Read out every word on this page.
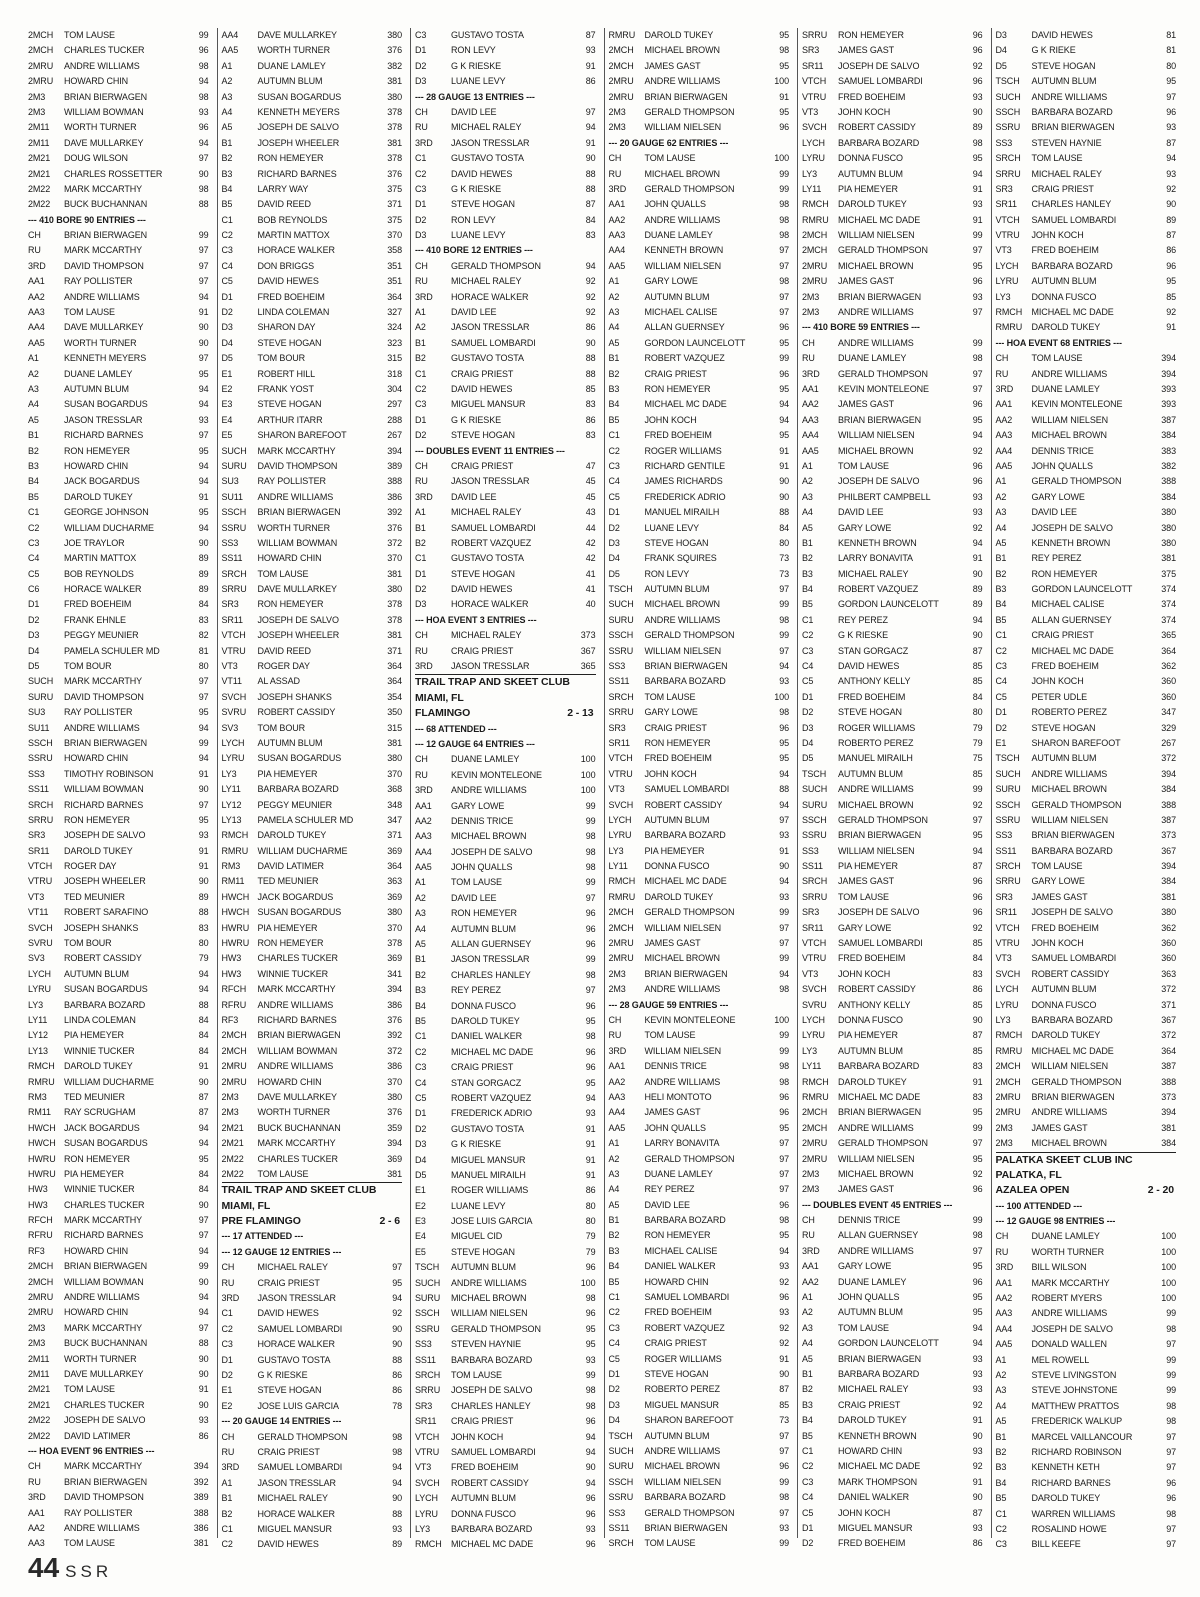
2MCH	TOM LAUSE	99
2MCH	CHARLES TUCKER	96
2MRU	ANDRE WILLIAMS	98
2MRU	HOWARD CHIN	94
2M3	BRIAN BIERWAGEN	98
2M3	WILLIAM BOWMAN	93
2M11	WORTH TURNER	96
2M11	DAVE MULLARKEY	94
2M21	DOUG WILSON	97
2M21	CHARLES ROSSETTER	90
2M22	MARK MCCARTHY	98
2M22	BUCK BUCHANNAN	88
--- 410 BORE 90 ENTRIES ---
CH	BRIAN BIERWAGEN	99
RU	MARK MCCARTHY	97
3RD	DAVID THOMPSON	97
AA1	RAY POLLISTER	97
AA2	ANDRE WILLIAMS	94
AA3	TOM LAUSE	91
AA4	DAVE MULLARKEY	90
AA5	WORTH TURNER	90
A1	KENNETH MEYERS	97
A2	DUANE LAMLEY	95
A3	AUTUMN BLUM	94
A4	SUSAN BOGARDUS	94
A5	JASON TRESSLAR	93
B1	RICHARD BARNES	97
B2	RON HEMEYER	95
B3	HOWARD CHIN	94
B4	JACK BOGARDUS	94
B5	DAROLD TUKEY	91
C1	GEORGE JOHNSON	95
C2	WILLIAM DUCHARME	94
C3	JOE TRAYLOR	90
C4	MARTIN MATTOX	89
C5	BOB REYNOLDS	89
C6	HORACE WALKER	89
D1	FRED BOEHEIM	84
D2	FRANK EHNLE	83
D3	PEGGY MEUNIER	82
D4	PAMELA SCHULER MD	81
D5	TOM BOUR	80
SUCH	MARK MCCARTHY	97
SURU	DAVID THOMPSON	97
SU3	RAY POLLISTER	95
SU11	ANDRE WILLIAMS	94
SSCH	BRIAN BIERWAGEN	99
SSRU	HOWARD CHIN	94
SS3	TIMOTHY ROBINSON	91
SS11	WILLIAM BOWMAN	90
SRCH	RICHARD BARNES	97
SRRU	RON HEMEYER	95
SR3	JOSEPH DE SALVO	93
SR11	DAROLD TUKEY	91
VTCH	ROGER DAY	91
VTRU	JOSEPH WHEELER	90
VT3	TED MEUNIER	89
VT11	ROBERT SARAFINO	88
SVCH	JOSEPH SHANKS	83
SVRU	TOM BOUR	80
SV3	ROBERT CASSIDY	79
LYCH	AUTUMN BLUM	94
LYRU	SUSAN BOGARDUS	94
LY3	BARBARA BOZARD	88
LY11	LINDA COLEMAN	84
LY12	PIA HEMEYER	84
LY13	WINNIE TUCKER	84
RMCH	DAROLD TUKEY	91
RMRU	WILLIAM DUCHARME	90
RM3	TED MEUNIER	87
RM11	RAY SCRUGHAM	87
HWCH JACK BOGARDUS	94
HWCH SUSAN BOGARDUS	94
HWRU RON HEMEYER	95
HWRU PIA HEMEYER	84
HW3	WINNIE TUCKER	84
HW3	CHARLES TUCKER	90
RFCH	MARK MCCARTHY	97
RFRU	RICHARD BARNES	97
RF3	HOWARD CHIN	94
2MCH	BRIAN BIERWAGEN	99
2MCH	WILLIAM BOWMAN	90
2MRU	ANDRE WILLIAMS	94
2MRU	HOWARD CHIN	94
2M3	MARK MCCARTHY	97
2M3	BUCK BUCHANNAN	88
2M11	WORTH TURNER	90
2M11	DAVE MULLARKEY	90
2M21	TOM LAUSE	91
2M21	CHARLES TUCKER	90
2M22	JOSEPH DE SALVO	93
2M22	DAVID LATIMER	86
--- HOA EVENT 96 ENTRIES ---
CH	MARK MCCARTHY	394
RU	BRIAN BIERWAGEN	392
3RD	DAVID THOMPSON	389
AA1	RAY POLLISTER	388
AA2	ANDRE WILLIAMS	386
AA3	TOM LAUSE	381
AA4	DAVE MULLARKEY	380
AA5	WORTH TURNER	376
A1	DUANE LAMLEY	382
A2	AUTUMN BLUM	381
A3	SUSAN BOGARDUS	380
A4	KENNETH MEYERS	378
A5	JOSEPH DE SALVO	378
B1	JOSEPH WHEELER	381
B2	RON HEMEYER	378
B3	RICHARD BARNES	376
B4	LARRY WAY	375
B5	DAVID REED	371
C1	BOB REYNOLDS	375
C2	MARTIN MATTOX	370
C3	HORACE WALKER	358
C4	DON BRIGGS	351
C5	DAVID HEWES	351
D1	FRED BOEHEIM	364
D2	LINDA COLEMAN	327
D3	SHARON DAY	324
D4	STEVE HOGAN	323
D5	TOM BOUR	315
E1	ROBERT HILL	318
E2	FRANK YOST	304
E3	STEVE HOGAN	297
E4	ARTHUR ITARR	288
E5	SHARON BAREFOOT	267
SUCH	MARK MCCARTHY	394
SURU	DAVID THOMPSON	389
SU3	RAY POLLISTER	388
SU11	ANDRE WILLIAMS	386
SSCH	BRIAN BIERWAGEN	392
SSRU	WORTH TURNER	376
SS3	WILLIAM BOWMAN	372
SS11	HOWARD CHIN	370
SRCH	TOM LAUSE	381
SRRU	DAVE MULLARKEY	380
SR3	RON HEMEYER	378
SR11	JOSEPH DE SALVO	378
VTCH	JOSEPH WHEELER	381
VTRU	DAVID REED	371
VT3	ROGER DAY	364
VT11	AL ASSAD	364
SVCH	JOSEPH SHANKS	354
SVRU	ROBERT CASSIDY	350
SV3	TOM BOUR	315
LYCH	AUTUMN BLUM	381
LYRU	SUSAN BOGARDUS	380
LY3	PIA HEMEYER	370
LY11	BARBARA BOZARD	368
LY12	PEGGY MEUNIER	348
LY13	PAMELA SCHULER MD	347
RMCH	DAROLD TUKEY	371
RMRU	WILLIAM DUCHARME	369
RM3	DAVID LATIMER	364
RM11	TED MEUNIER	363
HWCH JACK BOGARDUS	369
HWCH SUSAN BOGARDUS	380
HWRU PIA HEMEYER	370
HWRU RON HEMEYER	378
HW3	CHARLES TUCKER	369
HW3	WINNIE TUCKER	341
RFCH	MARK MCCARTHY	394
RFRU	ANDRE WILLIAMS	386
RF3	RICHARD BARNES	376
2MCH	BRIAN BIERWAGEN	392
2MCH	WILLIAM BOWMAN	372
2MRU	ANDRE WILLIAMS	386
2MRU	HOWARD CHIN	370
2M3	DAVE MULLARKEY	380
2M3	WORTH TURNER	376
2M21	BUCK BUCHANNAN	359
2M21	MARK MCCARTHY	394
2M22	CHARLES TUCKER	369
2M22	TOM LAUSE	381
TRAIL TRAP AND SKEET CLUB
MIAMI, FL
PRE FLAMINGO	2 - 6
--- 17 ATTENDED ---
--- 12 GAUGE 12 ENTRIES ---
CH	MICHAEL RALEY	97
RU	CRAIG PRIEST	95
3RD	JASON TRESSLAR	94
C1	DAVID HEWES	92
C2	SAMUEL LOMBARDI	90
C3	HORACE WALKER	90
D1	GUSTAVO TOSTA	88
D2	G K RIESKE	86
E1	STEVE HOGAN	86
E2	JOSE LUIS GARCIA	78
--- 20 GAUGE 14 ENTRIES ---
CH	GERALD THOMPSON	98
RU	CRAIG PRIEST	98
3RD	SAMUEL LOMBARDI	94
A1	JASON TRESSLAR	94
B1	MICHAEL RALEY	90
B2	HORACE WALKER	88
C1	MIGUEL MANSUR	93
C2	DAVID HEWES	89
C3	GUSTAVO TOSTA	87
D1	RON LEVY	93
D2	G K RIESKE	91
D3	LUANE LEVY	86
--- 28 GAUGE 13 ENTRIES ---
CH	DAVID LEE	97
RU	MICHAEL RALEY	94
3RD	JASON TRESSLAR	91
C1	GUSTAVO TOSTA	90
C2	DAVID HEWES	88
C3	G K RIESKE	88
D1	STEVE HOGAN	87
D2	RON LEVY	84
D3	LUANE LEVY	83
--- 410 BORE 12 ENTRIES ---
CH	GERALD THOMPSON	94
RU	MICHAEL RALEY	92
3RD	HORACE WALKER	92
A1	DAVID LEE	92
A2	JASON TRESSLAR	86
B1	SAMUEL LOMBARDI	90
B2	GUSTAVO TOSTA	88
C1	CRAIG PRIEST	88
C2	DAVID HEWES	85
C3	MIGUEL MANSUR	83
D1	G K RIESKE	86
D2	STEVE HOGAN	83
--- DOUBLES EVENT 11 ENTRIES ---
CH	CRAIG PRIEST	47
RU	JASON TRESSLAR	45
3RD	DAVID LEE	45
A1	MICHAEL RALEY	43
B1	SAMUEL LOMBARDI	44
B2	ROBERT VAZQUEZ	42
C1	GUSTAVO TOSTA	42
D1	STEVE HOGAN	41
D2	DAVID HEWES	41
D3	HORACE WALKER	40
--- HOA EVENT 3 ENTRIES ---
CH	MICHAEL RALEY	373
RU	CRAIG PRIEST	367
3RD	JASON TRESSLAR	365
TRAIL TRAP AND SKEET CLUB
MIAMI, FL
FLAMINGO	2 - 13
--- 68 ATTENDED ---
--- 12 GAUGE 64 ENTRIES ---
CH	DUANE LAMLEY	100
RU	KEVIN MONTELEONE	100
3RD	ANDRE WILLIAMS	100
AA1	GARY LOWE	99
AA2	DENNIS TRICE	99
AA3	MICHAEL BROWN	98
AA4	JOSEPH DE SALVO	98
AA5	JOHN QUALLS	98
A1	TOM LAUSE	99
A2	DAVID LEE	97
A3	RON HEMEYER	96
A4	AUTUMN BLUM	96
A5	ALLAN GUERNSEY	96
B1	JASON TRESSLAR	99
B2	CHARLES HANLEY	98
B3	REY PEREZ	97
B4	DONNA FUSCO	96
B5	DAROLD TUKEY	95
C1	DANIEL WALKER	98
C2	MICHAEL MC DADE	96
C3	CRAIG PRIEST	96
C4	STAN GORGACZ	95
C5	ROBERT VAZQUEZ	94
D1	FREDERICK ADRIO	93
D2	GUSTAVO TOSTA	91
D3	G K RIESKE	91
D4	MIGUEL MANSUR	91
D5	MANUEL MIRAILH	91
E1	ROGER WILLIAMS	86
E2	LUANE LEVY	80
E3	JOSE LUIS GARCIA	80
E4	MIGUEL CID	79
E5	STEVE HOGAN	79
TSCH	AUTUMN BLUM	96
SUCH	ANDRE WILLIAMS	100
SURU	MICHAEL BROWN	98
SSCH	WILLIAM NIELSEN	96
SSRU	GERALD THOMPSON	95
SS3	STEVEN HAYNIE	95
SS11	BARBARA BOZARD	93
SRCH	TOM LAUSE	99
SRRU	JOSEPH DE SALVO	98
SR3	CHARLES HANLEY	98
SR11	CRAIG PRIEST	96
VTCH	JOHN KOCH	94
VTRU	SAMUEL LOMBARDI	94
VT3	FRED BOEHEIM	90
SVCH	ROBERT CASSIDY	94
LYCH	AUTUMN BLUM	96
LYRU	DONNA FUSCO	96
LY3	BARBARA BOZARD	93
RMCH	MICHAEL MC DADE	96
RMRU	DAROLD TUKEY	95
2MCH	MICHAEL BROWN	98
2MCH	JAMES GAST	95
2MRU	ANDRE WILLIAMS	100
2MRU	BRIAN BIERWAGEN	91
2M3	GERALD THOMPSON	95
2M3	WILLIAM NIELSEN	96
--- 20 GAUGE 62 ENTRIES ---
CH	TOM LAUSE	100
RU	MICHAEL BROWN	99
3RD	GERALD THOMPSON	99
AA1	JOHN QUALLS	98
AA2	ANDRE WILLIAMS	98
AA3	DUANE LAMLEY	98
AA4	KENNETH BROWN	97
AA5	WILLIAM NIELSEN	97
A1	GARY LOWE	98
A2	AUTUMN BLUM	97
A3	MICHAEL CALISE	97
A4	ALLAN GUERNSEY	96
A5	GORDON LAUNCELOTT	95
B1	ROBERT VAZQUEZ	99
B2	CRAIG PRIEST	96
B3	RON HEMEYER	95
B4	MICHAEL MC DADE	94
B5	JOHN KOCH	94
C1	FRED BOEHEIM	95
C2	ROGER WILLIAMS	91
C3	RICHARD GENTILE	91
C4	JAMES RICHARDS	90
C5	FREDERICK ADRIO	90
D1	MANUEL MIRAILH	88
D2	LUANE LEVY	84
D3	STEVE HOGAN	80
D4	FRANK SQUIRES	73
D5	RON LEVY	73
TSCH	AUTUMN BLUM	97
SUCH	MICHAEL BROWN	99
SURU	ANDRE WILLIAMS	98
SSCH	GERALD THOMPSON	99
SSRU	WILLIAM NIELSEN	97
SS3	BRIAN BIERWAGEN	94
SS11	BARBARA BOZARD	93
SRCH	TOM LAUSE	100
SRRU	GARY LOWE	98
SR3	CRAIG PRIEST	96
SR11	RON HEMEYER	95
VTCH	FRED BOEHEIM	95
VTRU	JOHN KOCH	94
VT3	SAMUEL LOMBARDI	88
SVCH	ROBERT CASSIDY	94
LYCH	AUTUMN BLUM	97
LYRU	BARBARA BOZARD	93
LY3	PIA HEMEYER	91
LY11	DONNA FUSCO	90
RMCH	MICHAEL MC DADE	94
RMRU	DAROLD TUKEY	93
2MCH	GERALD THOMPSON	99
2MCH	WILLIAM NIELSEN	97
2MRU	JAMES GAST	97
2MRU	MICHAEL BROWN	99
2M3	BRIAN BIERWAGEN	94
2M3	ANDRE WILLIAMS	98
--- 28 GAUGE 59 ENTRIES ---
CH	KEVIN MONTELEONE	100
RU	TOM LAUSE	99
3RD	WILLIAM NIELSEN	99
AA1	DENNIS TRICE	98
AA2	ANDRE WILLIAMS	98
AA3	HELI MONTOTO	96
AA4	JAMES GAST	96
AA5	JOHN QUALLS	95
A1	LARRY BONAVITA	97
A2	GERALD THOMPSON	97
A3	DUANE LAMLEY	97
A4	REY PEREZ	97
A5	DAVID LEE	96
B1	BARBARA BOZARD	98
B2	RON HEMEYER	95
B3	MICHAEL CALISE	94
B4	DANIEL WALKER	93
B5	HOWARD CHIN	92
C1	SAMUEL LOMBARDI	96
C2	FRED BOEHEIM	93
C3	ROBERT VAZQUEZ	92
C4	CRAIG PRIEST	92
C5	ROGER WILLIAMS	91
D1	STEVE HOGAN	90
D2	ROBERTO PEREZ	87
D3	MIGUEL MANSUR	85
D4	SHARON BAREFOOT	73
TSCH	AUTUMN BLUM	97
SUCH	ANDRE WILLIAMS	97
SURU	MICHAEL BROWN	96
SSCH	WILLIAM NIELSEN	99
SSRU	BARBARA BOZARD	98
SS3	GERALD THOMPSON	97
SS11	BRIAN BIERWAGEN	93
SRCH	TOM LAUSE	99
SRRU	RON HEMEYER	96
SR3	JAMES GAST	96
SR11	JOSEPH DE SALVO	92
VTCH	SAMUEL LOMBARDI	96
VTRU	FRED BOEHEIM	93
VT3	JOHN KOCH	90
SVCH	ROBERT CASSIDY	89
LYCH	BARBARA BOZARD	98
LYRU	DONNA FUSCO	95
LY3	AUTUMN BLUM	94
LY11	PIA HEMEYER	91
RMCH	DAROLD TUKEY	93
RMRU	MICHAEL MC DADE	91
2MCH	WILLIAM NIELSEN	99
2MCH	GERALD THOMPSON	97
2MRU	MICHAEL BROWN	95
2MRU	JAMES GAST	96
2M3	BRIAN BIERWAGEN	93
2M3	ANDRE WILLIAMS	97
--- 410 BORE 59 ENTRIES ---
CH	ANDRE WILLIAMS	99
RU	DUANE LAMLEY	98
3RD	GERALD THOMPSON	97
AA1	KEVIN MONTELEONE	97
AA2	JAMES GAST	96
AA3	BRIAN BIERWAGEN	95
AA4	WILLIAM NIELSEN	94
AA5	MICHAEL BROWN	92
A1	TOM LAUSE	96
A2	JOSEPH DE SALVO	96
A3	PHILBERT CAMPBELL	93
A4	DAVID LEE	93
A5	GARY LOWE	92
B1	KENNETH BROWN	94
B2	LARRY BONAVITA	91
B3	MICHAEL RALEY	90
B4	ROBERT VAZQUEZ	89
B5	GORDON LAUNCELOTT	89
C1	REY PEREZ	94
C2	G K RIESKE	90
C3	STAN GORGACZ	87
C4	DAVID HEWES	85
C5	ANTHONY KELLY	85
D1	FRED BOEHEIM	84
D2	STEVE HOGAN	80
D3	ROGER WILLIAMS	79
D4	ROBERTO PEREZ	79
D5	MANUEL MIRAILH	75
TSCH	AUTUMN BLUM	85
SUCH	ANDRE WILLIAMS	99
SURU	MICHAEL BROWN	92
SSCH	GERALD THOMPSON	97
SSRU	BRIAN BIERWAGEN	95
SS3	WILLIAM NIELSEN	94
SS11	PIA HEMEYER	87
SRCH	JAMES GAST	96
SRRU	TOM LAUSE	96
SR3	JOSEPH DE SALVO	96
SR11	GARY LOWE	92
VTCH	SAMUEL LOMBARDI	85
VTRU	FRED BOEHEIM	84
VT3	JOHN KOCH	83
SVCH	ROBERT CASSIDY	86
SVRU	ANTHONY KELLY	85
LYCH	DONNA FUSCO	90
LYRU	PIA HEMEYER	87
LY3	AUTUMN BLUM	85
LY11	BARBARA BOZARD	83
RMCH	DAROLD TUKEY	91
RMRU	MICHAEL MC DADE	83
2MCH	BRIAN BIERWAGEN	95
2MCH	ANDRE WILLIAMS	99
2MRU	GERALD THOMPSON	97
2MRU	WILLIAM NIELSEN	95
2M3	MICHAEL BROWN	92
2M3	JAMES GAST	96
--- DOUBLES EVENT 45 ENTRIES ---
CH	DENNIS TRICE	99
RU	ALLAN GUERNSEY	98
3RD	ANDRE WILLIAMS	97
AA1	GARY LOWE	95
AA2	DUANE LAMLEY	96
A1	JOHN QUALLS	95
A2	AUTUMN BLUM	95
A3	TOM LAUSE	94
A4	GORDON LAUNCELOTT	94
A5	BRIAN BIERWAGEN	93
B1	BARBARA BOZARD	93
B2	MICHAEL RALEY	93
B3	CRAIG PRIEST	92
B4	DAROLD TUKEY	91
B5	KENNETH BROWN	90
C1	HOWARD CHIN	93
C2	MICHAEL MC DADE	92
C3	MARK THOMPSON	91
C4	DANIEL WALKER	90
C5	JOHN KOCH	87
D1	MIGUEL MANSUR	93
D2	FRED BOEHEIM	86
D3	DAVID HEWES	81
D4	G K RIEKE	81
D5	STEVE HOGAN	80
TSCH	AUTUMN BLUM	95
SUCH	ANDRE WILLIAMS	97
SSCH	BARBARA BOZARD	96
SSRU	BRIAN BIERWAGEN	93
SS3	STEVEN HAYNIE	87
SRCH	TOM LAUSE	94
SRRU	MICHAEL RALEY	93
SR3	CRAIG PRIEST	92
SR11	CHARLES HANLEY	90
VTCH	SAMUEL LOMBARDI	89
VTRU	JOHN KOCH	87
VT3	FRED BOEHEIM	86
LYCH	BARBARA BOZARD	96
LYRU	AUTUMN BLUM	95
LY3	DONNA FUSCO	85
RMCH	MICHAEL MC DADE	92
RMRU	DAROLD TUKEY	91
--- HOA EVENT 68 ENTRIES ---
CH	TOM LAUSE	394
RU	ANDRE WILLIAMS	394
3RD	DUANE LAMLEY	393
AA1	KEVIN MONTELEONE	393
AA2	WILLIAM NIELSEN	387
AA3	MICHAEL BROWN	384
AA4	DENNIS TRICE	383
AA5	JOHN QUALLS	382
A1	GERALD THOMPSON	388
A2	GARY LOWE	384
A3	DAVID LEE	380
A4	JOSEPH DE SALVO	380
A5	KENNETH BROWN	380
B1	REY PEREZ	381
B2	RON HEMEYER	375
B3	GORDON LAUNCELOTT	374
B4	MICHAEL CALISE	374
B5	ALLAN GUERNSEY	374
C1	CRAIG PRIEST	365
C2	MICHAEL MC DADE	364
C3	FRED BOEHEIM	362
C4	JOHN KOCH	360
C5	PETER UDLE	360
D1	ROBERTO PEREZ	347
D2	STEVE HOGAN	329
E1	SHARON BAREFOOT	267
TSCH	AUTUMN BLUM	372
SUCH	ANDRE WILLIAMS	394
SURU	MICHAEL BROWN	384
SSCH	GERALD THOMPSON	388
SSRU	WILLIAM NIELSEN	387
SS3	BRIAN BIERWAGEN	373
SS11	BARBARA BOZARD	367
SRCH	TOM LAUSE	394
SRRU	GARY LOWE	384
SR3	JAMES GAST	381
SR11	JOSEPH DE SALVO	380
VTCH	FRED BOEHEIM	362
VTRU	JOHN KOCH	360
VT3	SAMUEL LOMBARDI	360
SVCH	ROBERT CASSIDY	363
LYCH	AUTUMN BLUM	372
LYRU	DONNA FUSCO	371
LY3	BARBARA BOZARD	367
RMCH	DAROLD TUKEY	372
RMRU	MICHAEL MC DADE	364
2MCH	WILLIAM NIELSEN	387
2MCH	GERALD THOMPSON	388
2MRU	BRIAN BIERWAGEN	373
2MRU	ANDRE WILLIAMS	394
2M3	JAMES GAST	381
2M3	MICHAEL BROWN	384
PALATKA SKEET CLUB INC
PALATKA, FL
AZALEA OPEN	2 - 20
--- 100 ATTENDED ---
--- 12 GAUGE 98 ENTRIES ---
CH	DUANE LAMLEY	100
RU	WORTH TURNER	100
3RD	BILL WILSON	100
AA1	MARK MCCARTHY	100
AA2	ROBERT MYERS	100
AA3	ANDRE WILLIAMS	99
AA4	JOSEPH DE SALVO	98
AA5	DONALD WALLEN	97
A1	MEL ROWELL	99
A2	STEVE LIVINGSTON	99
A3	STEVE JOHNSTONE	99
A4	MATTHEW PRATTOS	98
A5	FREDERICK WALKUP	98
B1	MARCEL VAILLANCOUR	97
B2	RICHARD ROBINSON	97
B3	KENNETH KETH	97
B4	RICHARD BARNES	96
B5	DAROLD TUKEY	96
C1	WARREN WILLIAMS	98
C2	ROSALIND HOWE	97
C3	BILL KEEFE	97
44 SSR
